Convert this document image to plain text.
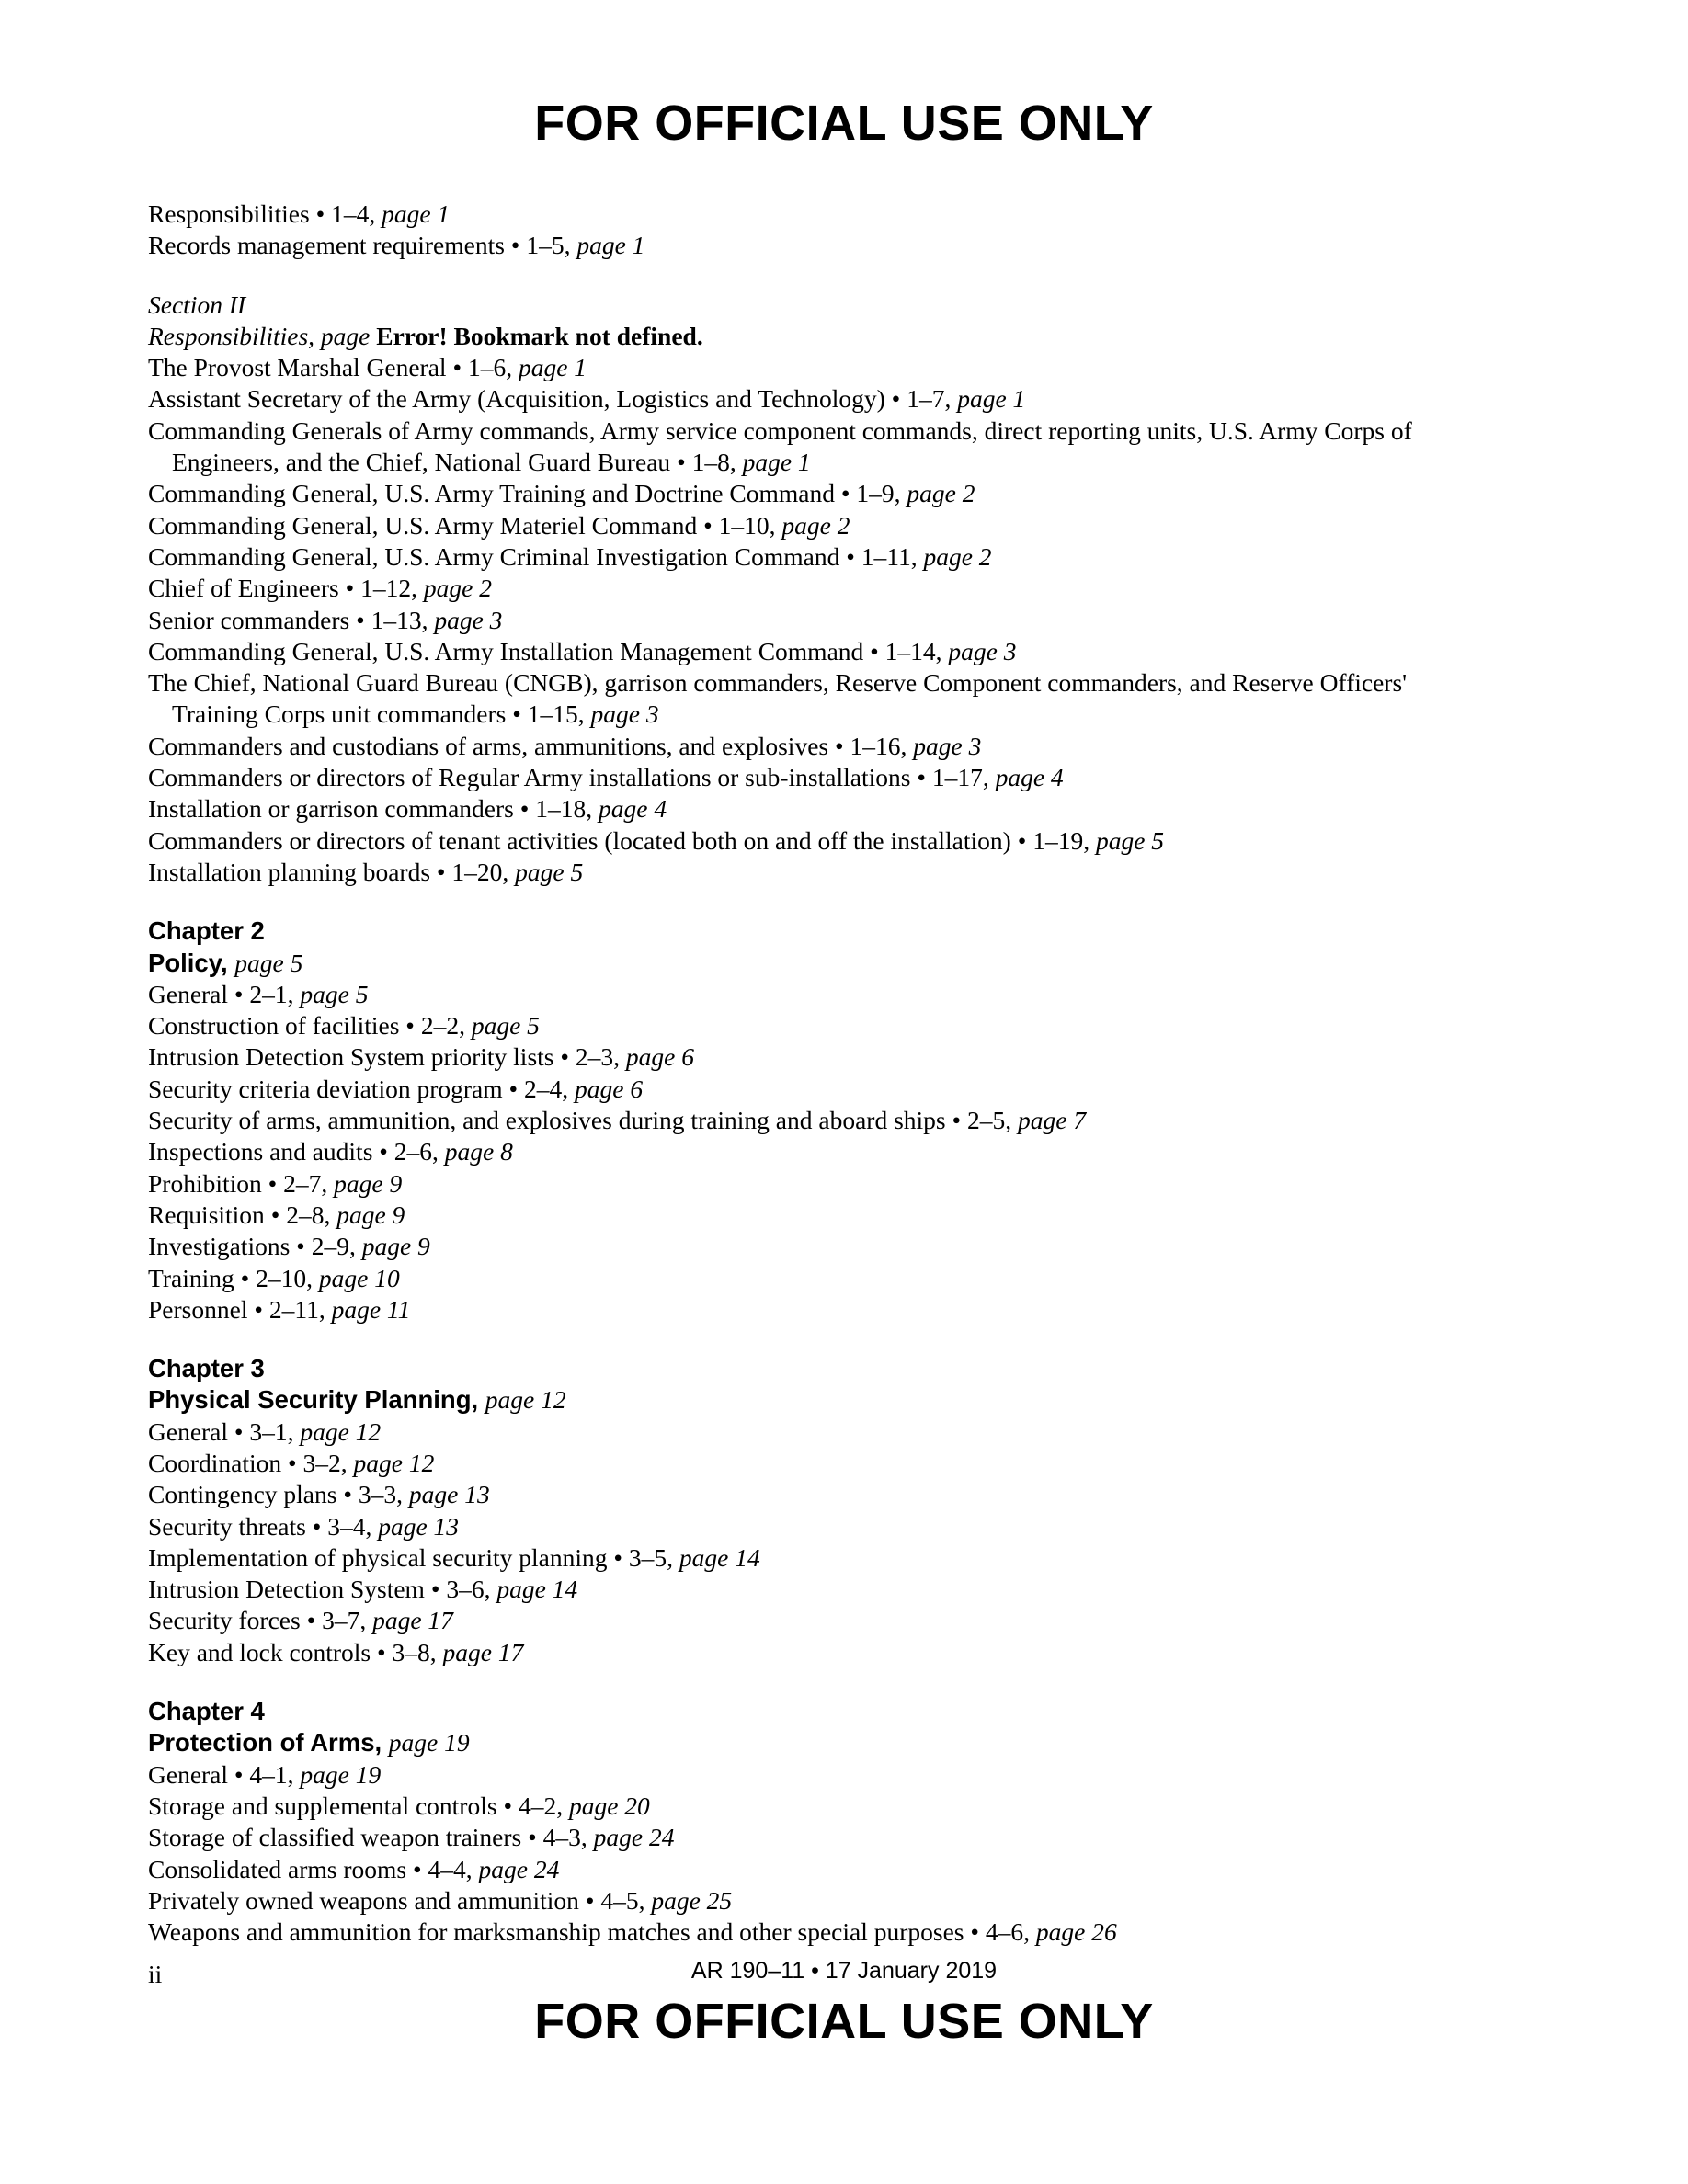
FOR OFFICIAL USE ONLY
Responsibilities • 1–4, page 1
Records management requirements • 1–5, page 1
Section II
Responsibilities, page Error! Bookmark not defined.
The Provost Marshal General • 1–6, page 1
Assistant Secretary of the Army (Acquisition, Logistics and Technology) • 1–7, page 1
Commanding Generals of Army commands, Army service component commands, direct reporting units, U.S. Army Corps of Engineers, and the Chief, National Guard Bureau • 1–8, page 1
Commanding General, U.S. Army Training and Doctrine Command • 1–9, page 2
Commanding General, U.S. Army Materiel Command • 1–10, page 2
Commanding General, U.S. Army Criminal Investigation Command • 1–11, page 2
Chief of Engineers • 1–12, page 2
Senior commanders • 1–13, page 3
Commanding General, U.S. Army Installation Management Command • 1–14, page 3
The Chief, National Guard Bureau (CNGB), garrison commanders, Reserve Component commanders, and Reserve Officers' Training Corps unit commanders • 1–15, page 3
Commanders and custodians of arms, ammunitions, and explosives • 1–16, page 3
Commanders or directors of Regular Army installations or sub-installations • 1–17, page 4
Installation or garrison commanders • 1–18, page 4
Commanders or directors of tenant activities (located both on and off the installation) • 1–19, page 5
Installation planning boards • 1–20, page 5
Chapter 2
Policy, page 5
General • 2–1, page 5
Construction of facilities • 2–2, page 5
Intrusion Detection System priority lists • 2–3, page 6
Security criteria deviation program • 2–4, page 6
Security of arms, ammunition, and explosives during training and aboard ships • 2–5, page 7
Inspections and audits • 2–6, page 8
Prohibition • 2–7, page 9
Requisition • 2–8, page 9
Investigations • 2–9, page 9
Training • 2–10, page 10
Personnel • 2–11, page 11
Chapter 3
Physical Security Planning, page 12
General • 3–1, page 12
Coordination • 3–2, page 12
Contingency plans • 3–3, page 13
Security threats • 3–4, page 13
Implementation of physical security planning • 3–5, page 14
Intrusion Detection System • 3–6, page 14
Security forces • 3–7, page 17
Key and lock controls • 3–8, page 17
Chapter 4
Protection of Arms, page 19
General • 4–1, page 19
Storage and supplemental controls • 4–2, page 20
Storage of classified weapon trainers • 4–3, page 24
Consolidated arms rooms • 4–4, page 24
Privately owned weapons and ammunition • 4–5, page 25
Weapons and ammunition for marksmanship matches and other special purposes • 4–6, page 26
ii	AR 190–11 • 17 January 2019
FOR OFFICIAL USE ONLY
